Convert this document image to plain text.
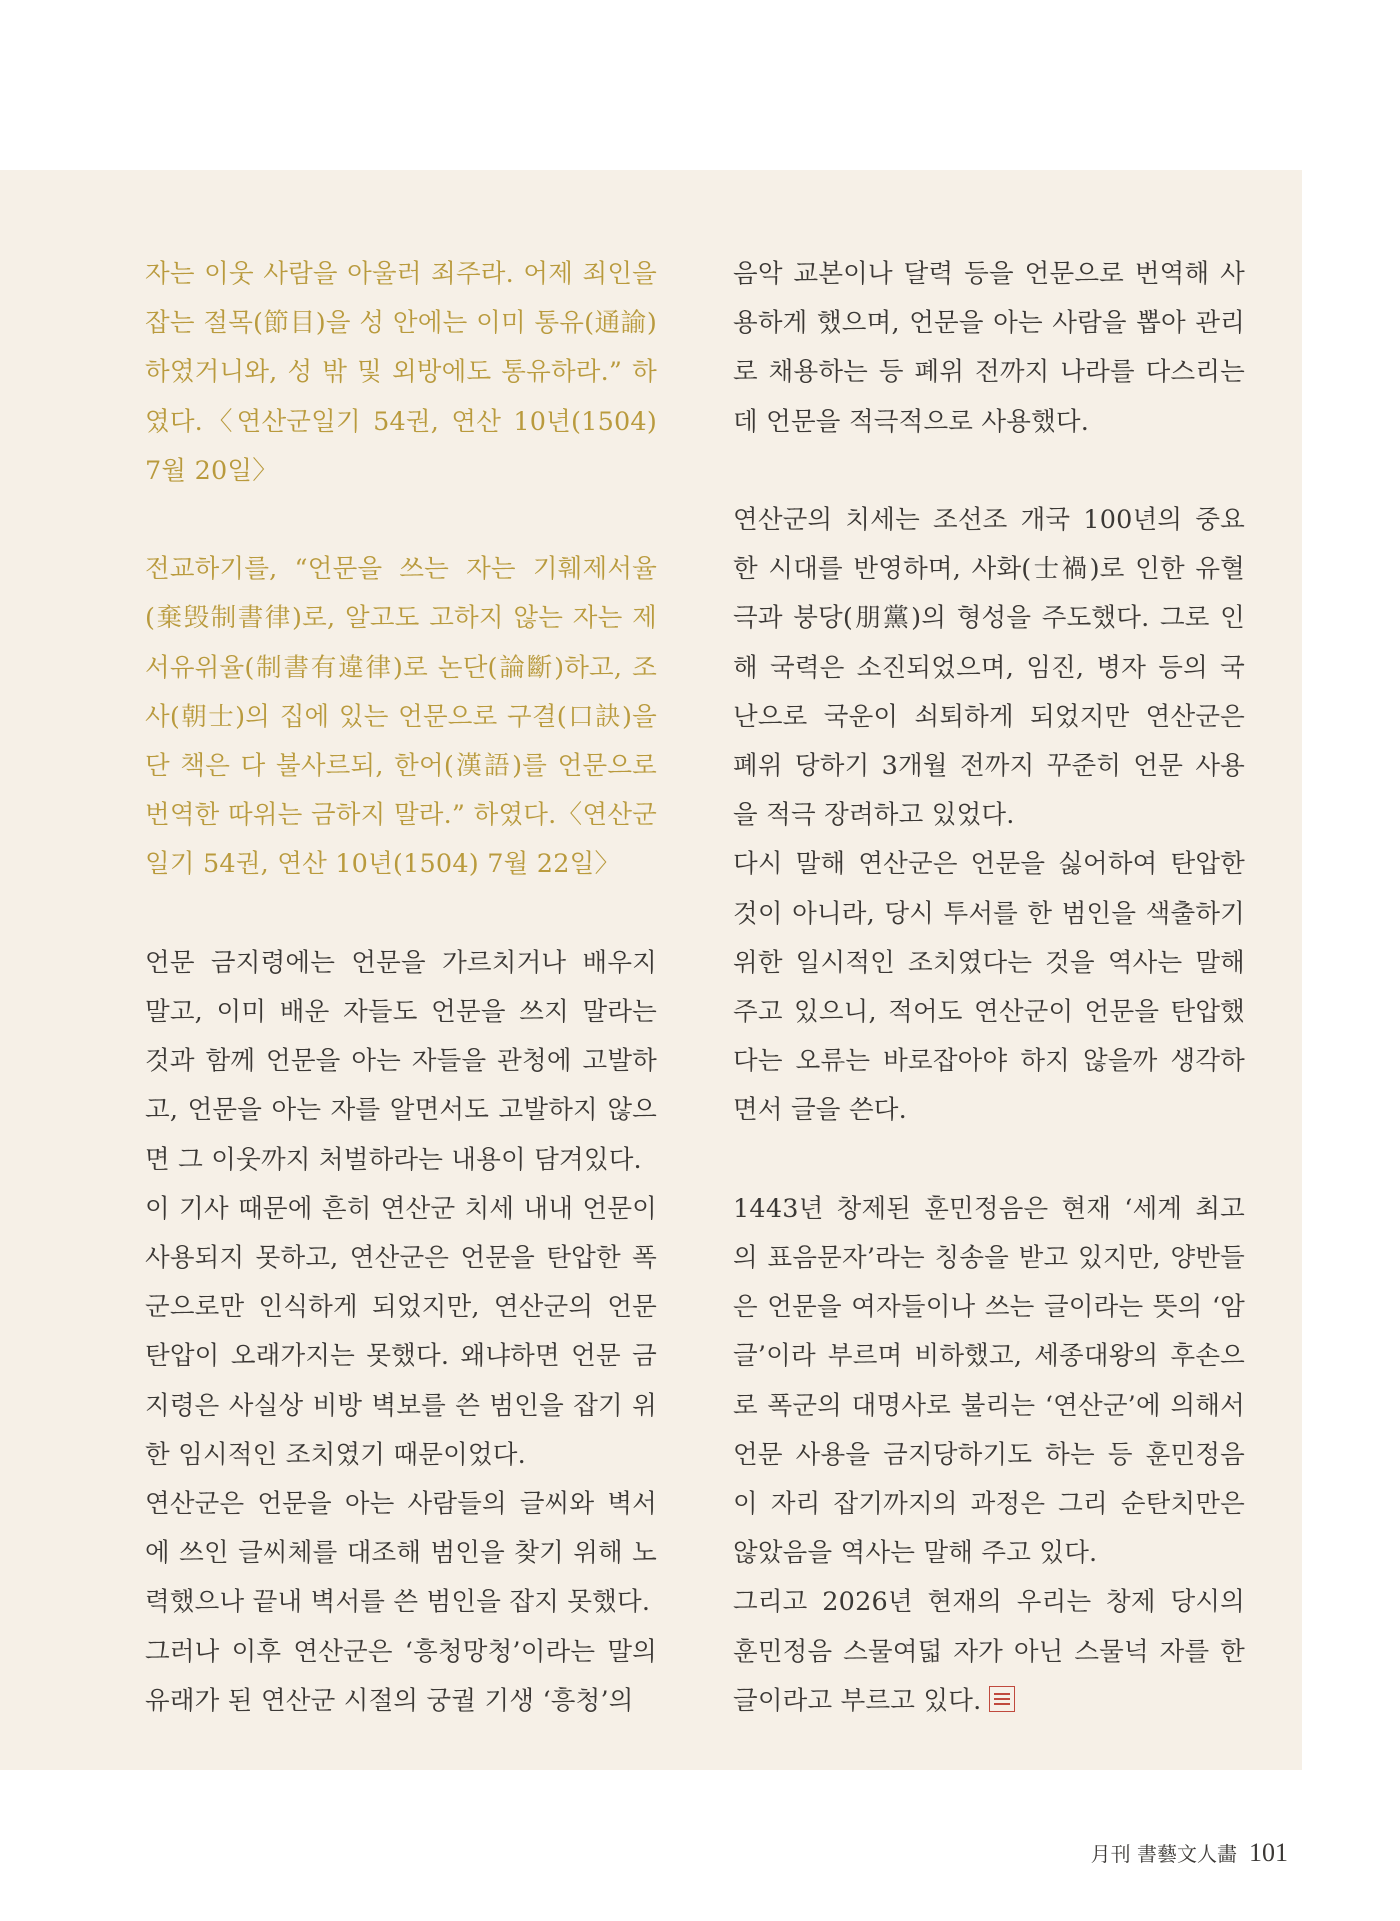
자는 이웃 사람을 아울러 죄주라. 어제 죄인을 잡는 절목(節目)을 성 안에는 이미 통유(通諭)하였거니와, 성 밖 및 외방에도 통유하라.” 하였다.〈연산군일기 54권, 연산 10년(1504) 7월 20일〉

전교하기를, “언문을 쓰는 자는 기훼제서율(棄毁制書律)로, 알고도 고하지 않는 자는 제서유위율(制書有違律)로 논단(論斷)하고, 조사(朝士)의 집에 있는 언문으로 구결(口訣)을 단 책은 다 불사르되, 한어(漢語)를 언문으로 번역한 따위는 금하지 말라.” 하였다.〈연산군일기 54권, 연산 10년(1504) 7월 22일〉

언문 금지령에는 언문을 가르치거나 배우지 말고, 이미 배운 자들도 언문을 쓰지 말라는 것과 함께 언문을 아는 자들을 관청에 고발하고, 언문을 아는 자를 알면서도 고발하지 않으면 그 이웃까지 처벌하라는 내용이 담겨있다.

이 기사 때문에 흔히 연산군 치세 내내 언문이 사용되지 못하고, 연산군은 언문을 탄압한 폭군으로만 인식하게 되었지만, 연산군의 언문 탄압이 오래가지는 못했다. 왜냐하면 언문 금지령은 사실상 비방 벽보를 쓴 범인을 잡기 위한 임시적인 조치였기 때문이었다.

연산군은 언문을 아는 사람들의 글씨와 벽서에 쓰인 글씨체를 대조해 범인을 찾기 위해 노력했으나 끝내 벽서를 쓴 범인을 잡지 못했다.

그러나 이후 연산군은 ‘흥청망청’이라는 말의 유래가 된 연산군 시절의 궁궐 기생 ‘흥청’의

음악 교본이나 달력 등을 언문으로 번역해 사용하게 했으며, 언문을 아는 사람을 뽑아 관리로 채용하는 등 폐위 전까지 나라를 다스리는 데 언문을 적극적으로 사용했다.

연산군의 치세는 조선조 개국 100년의 중요한 시대를 반영하며, 사화(士禍)로 인한 유혈극과 붕당(朋黨)의 형성을 주도했다. 그로 인해 국력은 소진되었으며, 임진, 병자 등의 국난으로 국운이 쇠퇴하게 되었지만 연산군은 폐위 당하기 3개월 전까지 꾸준히 언문 사용을 적극 장려하고 있었다.

다시 말해 연산군은 언문을 싫어하여 탄압한 것이 아니라, 당시 투서를 한 범인을 색출하기 위한 일시적인 조치였다는 것을 역사는 말해 주고 있으니, 적어도 연산군이 언문을 탄압했다는 오류는 바로잡아야 하지 않을까 생각하면서 글을 쓴다.

1443년 창제된 훈민정음은 현재 ‘세계 최고의 표음문자’라는 칭송을 받고 있지만, 양반들은 언문을 여자들이나 쓰는 글이라는 뜻의 ‘암글’이라 부르며 비하했고, 세종대왕의 후손으로 폭군의 대명사로 불리는 ‘연산군’에 의해서 언문 사용을 금지당하기도 하는 등 훈민정음이 자리 잡기까지의 과정은 그리 순탄치만은 않았음을 역사는 말해 주고 있다.

그리고 2026년 현재의 우리는 창제 당시의 훈민정음 스물여덟 자가 아닌 스물넉 자를 한글이라고 부르고 있다.

月刊 書藝文人畵 101
